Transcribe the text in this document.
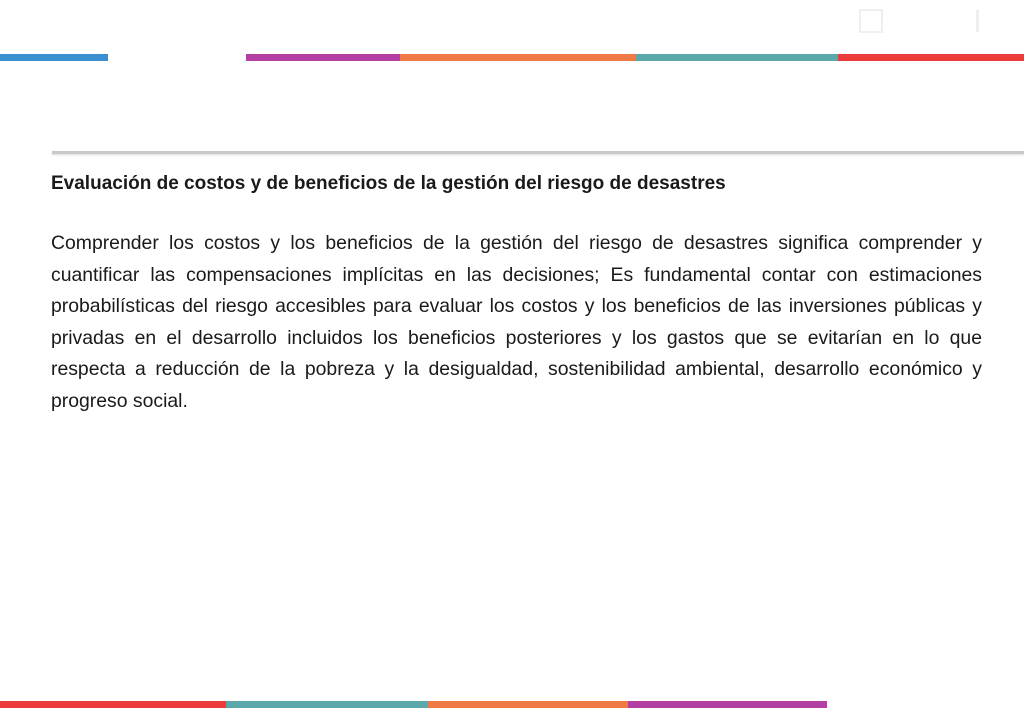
Evaluación de costos y de beneficios de la gestión del riesgo de desastres

Comprender los costos y los beneficios de la gestión del riesgo de desastres significa comprender y cuantificar las compensaciones implícitas en las decisiones; Es fundamental contar con estimaciones probabilísticas del riesgo accesibles para evaluar los costos y los beneficios de las inversiones públicas y privadas en el desarrollo incluidos los beneficios posteriores y los gastos que se evitarían en lo que respecta a reducción de la pobreza y la desigualdad, sostenibilidad ambiental, desarrollo económico y progreso social.
